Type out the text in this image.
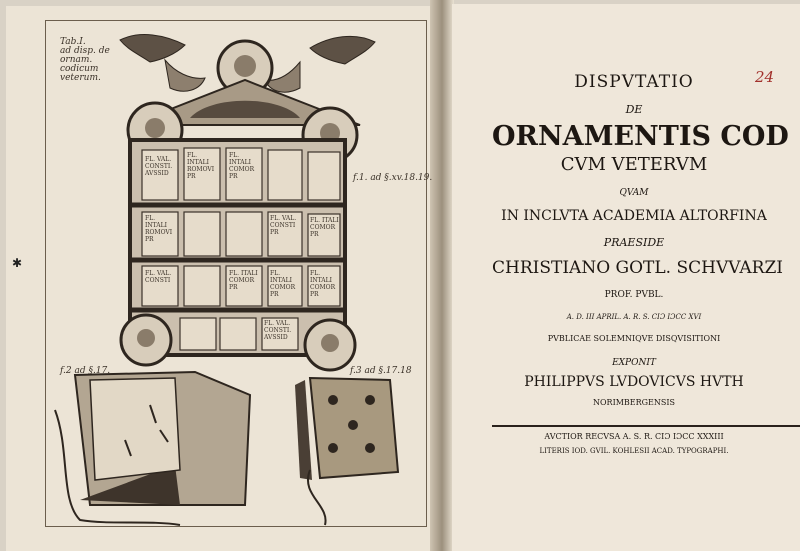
✱
Tab.I.
ad disp. de
ornam. codicum
veterum.
f.1. ad §.xv.18.19.
f.2 ad §.17.	f.3 ad §.17.18
FL. VAL. CONSTI. AVSSID
FL. INTALI ROMOVI PR
FL. INTALI COMOR PR
FL. INTALI ROMOVI PR
FL. VAL. CONSTI PR
FL. ITALI COMOR PR
FL. VAL. CONSTI
FL. ITALI COMOR PR
FL. INTALI COMOR PR
FL. INTALI COMOR PR
FL. VAL. CONSTI. AVSSID
24
DISPVTATIO
DE
ORNAMENTIS COD
CVM VETERVM
QVAM
IN INCLVTA ACADEMIA ALTORFINA
PRAESIDE
CHRISTIANO GOTL. SCHVVARZI
PROF. PVBL.
A. D. III APRIL. A. R. S. CIƆ IƆCC XVI
PVBLICAE SOLEMNIQVE DISQVISITIONI
EXPONIT
PHILIPPVS LVDOVICVS HVTH
NORIMBERGENSIS
AVCTIOR RECVSA A. S. R. CIƆ IƆCC XXXIII
LITERIS IOD. GVIL. KOHLESII ACAD. TYPOGRAPHI.
